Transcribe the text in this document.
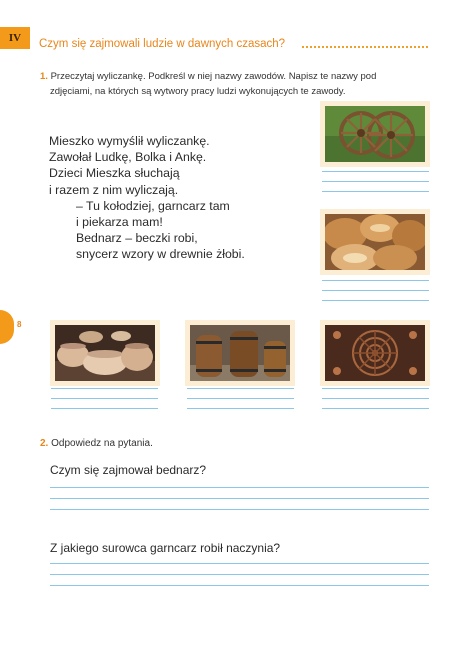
IV	Czym się zajmowali ludzie w dawnych czasach?
1. Przeczytaj wyliczankę. Podkreśl w niej nazwy zawodów. Napisz te nazwy pod
zdjęciami, na których są wytwory pracy ludzi wykonujących te zawody.
Mieszko wymyślił wyliczankę.
Zawołał Ludkę, Bolka i Ankę.
Dzieci Mieszka słuchają
i razem z nim wyliczają.
– Tu kołodziej, garncarz tam
i piekarza mam!
Bednarz – beczki robi,
snycerz wzory w drewnie żłobi.
8
2. Odpowiedz na pytania.
Czym się zajmował bednarz?
Z jakiego surowca garncarz robił naczynia?
